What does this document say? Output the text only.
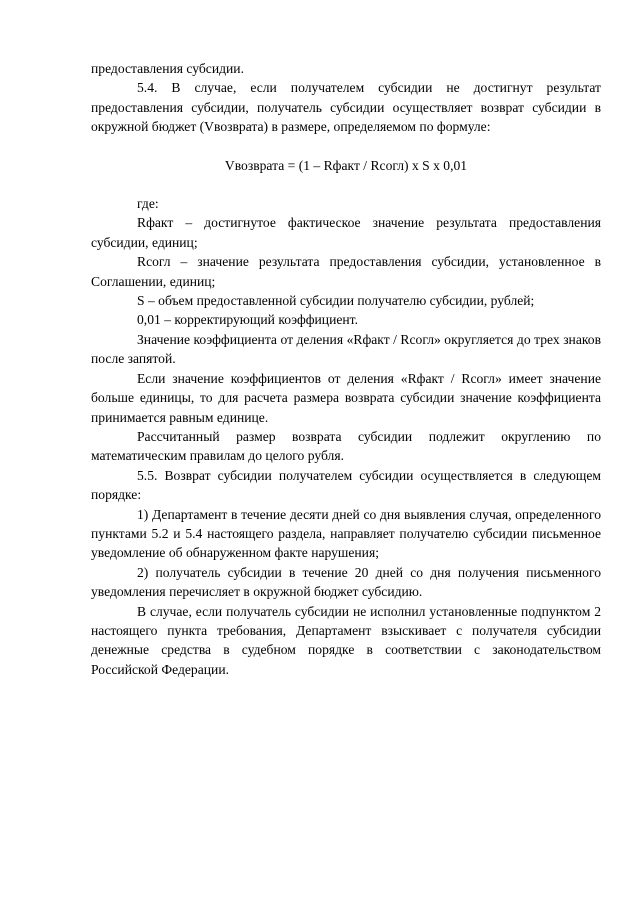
предоставления субсидии.

5.4. В случае, если получателем субсидии не достигнут результат предоставления субсидии, получатель субсидии осуществляет возврат субсидии в окружной бюджет (Vвозврата) в размере, определяемом по формуле:

Vвозврата = (1 – Rфакт / Rсогл) x S x 0,01

где:

Rфакт – достигнутое фактическое значение результата предоставления субсидии, единиц;

Rсогл – значение результата предоставления субсидии, установленное в Соглашении, единиц;

S – объем предоставленной субсидии получателю субсидии, рублей;

0,01 – корректирующий коэффициент.

Значение коэффициента от деления «Rфакт / Rсогл» округляется до трех знаков после запятой.

Если значение коэффициентов от деления «Rфакт / Rсогл» имеет значение больше единицы, то для расчета размера возврата субсидии значение коэффициента принимается равным единице.

Рассчитанный размер возврата субсидии подлежит округлению по математическим правилам до целого рубля.

5.5. Возврат субсидии получателем субсидии осуществляется в следующем порядке:

1) Департамент в течение десяти дней со дня выявления случая, определенного пунктами 5.2 и 5.4 настоящего раздела, направляет получателю субсидии письменное уведомление об обнаруженном факте нарушения;

2) получатель субсидии в течение 20 дней со дня получения письменного уведомления перечисляет в окружной бюджет субсидию.

В случае, если получатель субсидии не исполнил установленные подпунктом 2 настоящего пункта требования, Департамент взыскивает с получателя субсидии денежные средства в судебном порядке в соответствии с законодательством Российской Федерации.
